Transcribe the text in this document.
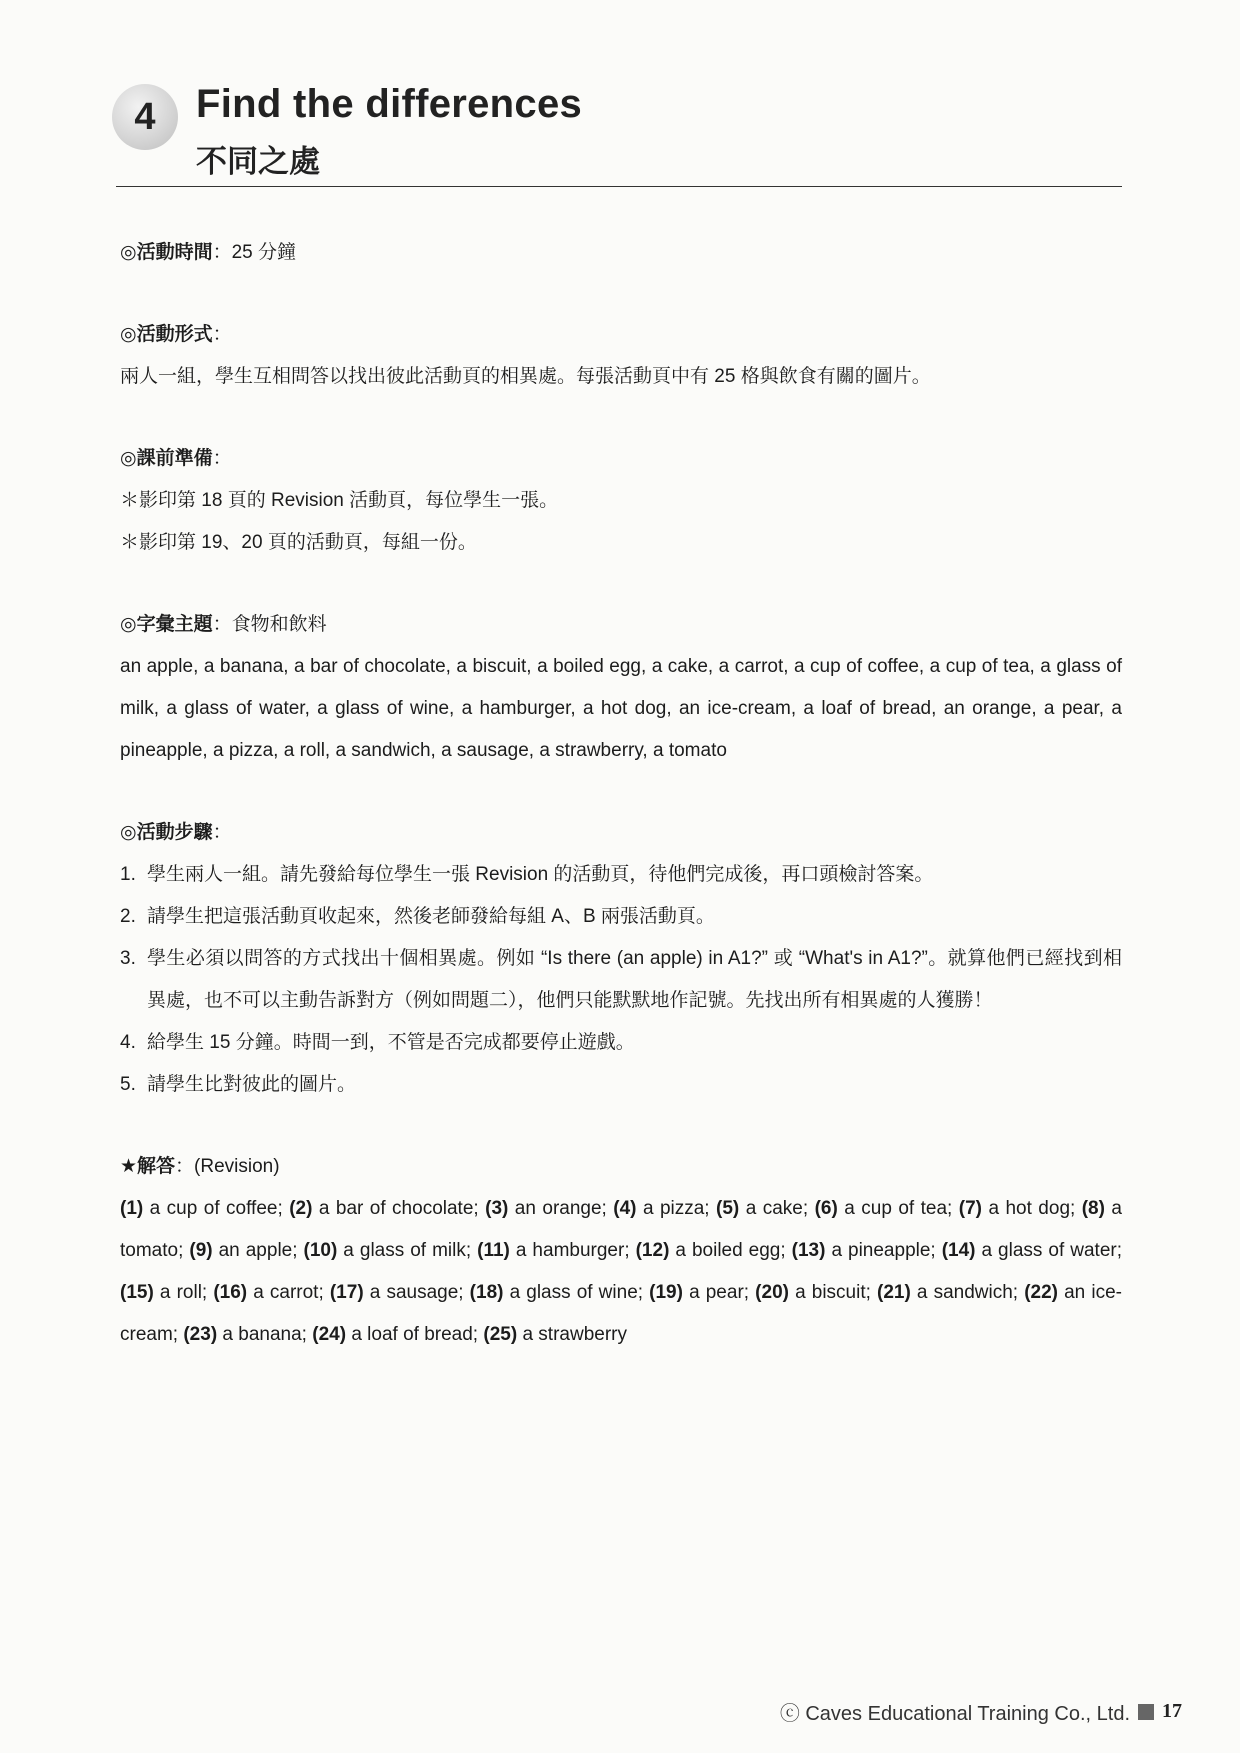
4	Find the differences
不同之處

◎活動時間：25 分鐘

◎活動形式：

兩人一組，學生互相問答以找出彼此活動頁的相異處。每張活動頁中有 25 格與飲食有關的圖片。

◎課前準備：

＊影印第 18 頁的 Revision 活動頁，每位學生一張。

＊影印第 19、20 頁的活動頁，每組一份。

◎字彙主題：食物和飲料

an apple, a banana, a bar of chocolate, a biscuit, a boiled egg, a cake, a carrot, a cup of coffee, a cup of tea, a glass of milk, a glass of water, a glass of wine, a hamburger, a hot dog, an ice-cream, a loaf of bread, an orange, a pear, a pineapple, a pizza, a roll, a sandwich, a sausage, a strawberry, a tomato

◎活動步驟：

1. 學生兩人一組。請先發給每位學生一張 Revision 的活動頁，待他們完成後，再口頭檢討答案。
2. 請學生把這張活動頁收起來，然後老師發給每組 A、B 兩張活動頁。
3. 學生必須以問答的方式找出十個相異處。例如 “Is there (an apple) in A1?” 或 “What's in A1?”。就算他們已經找到相異處，也不可以主動告訴對方（例如問題二），他們只能默默地作記號。先找出所有相異處的人獲勝！
4. 給學生 15 分鐘。時間一到，不管是否完成都要停止遊戲。
5. 請學生比對彼此的圖片。

★解答：(Revision)

(1) a cup of coffee; (2) a bar of chocolate; (3) an orange; (4) a pizza; (5) a cake; (6) a cup of tea; (7) a hot dog; (8) a tomato; (9) an apple; (10) a glass of milk; (11) a hamburger; (12) a boiled egg; (13) a pineapple; (14) a glass of water; (15) a roll; (16) a carrot; (17) a sausage; (18) a glass of wine; (19) a pear; (20) a biscuit; (21) a sandwich; (22) an ice-cream; (23) a banana; (24) a loaf of bread; (25) a strawberry

ⓒ Caves Educational Training Co., Ltd. 17
